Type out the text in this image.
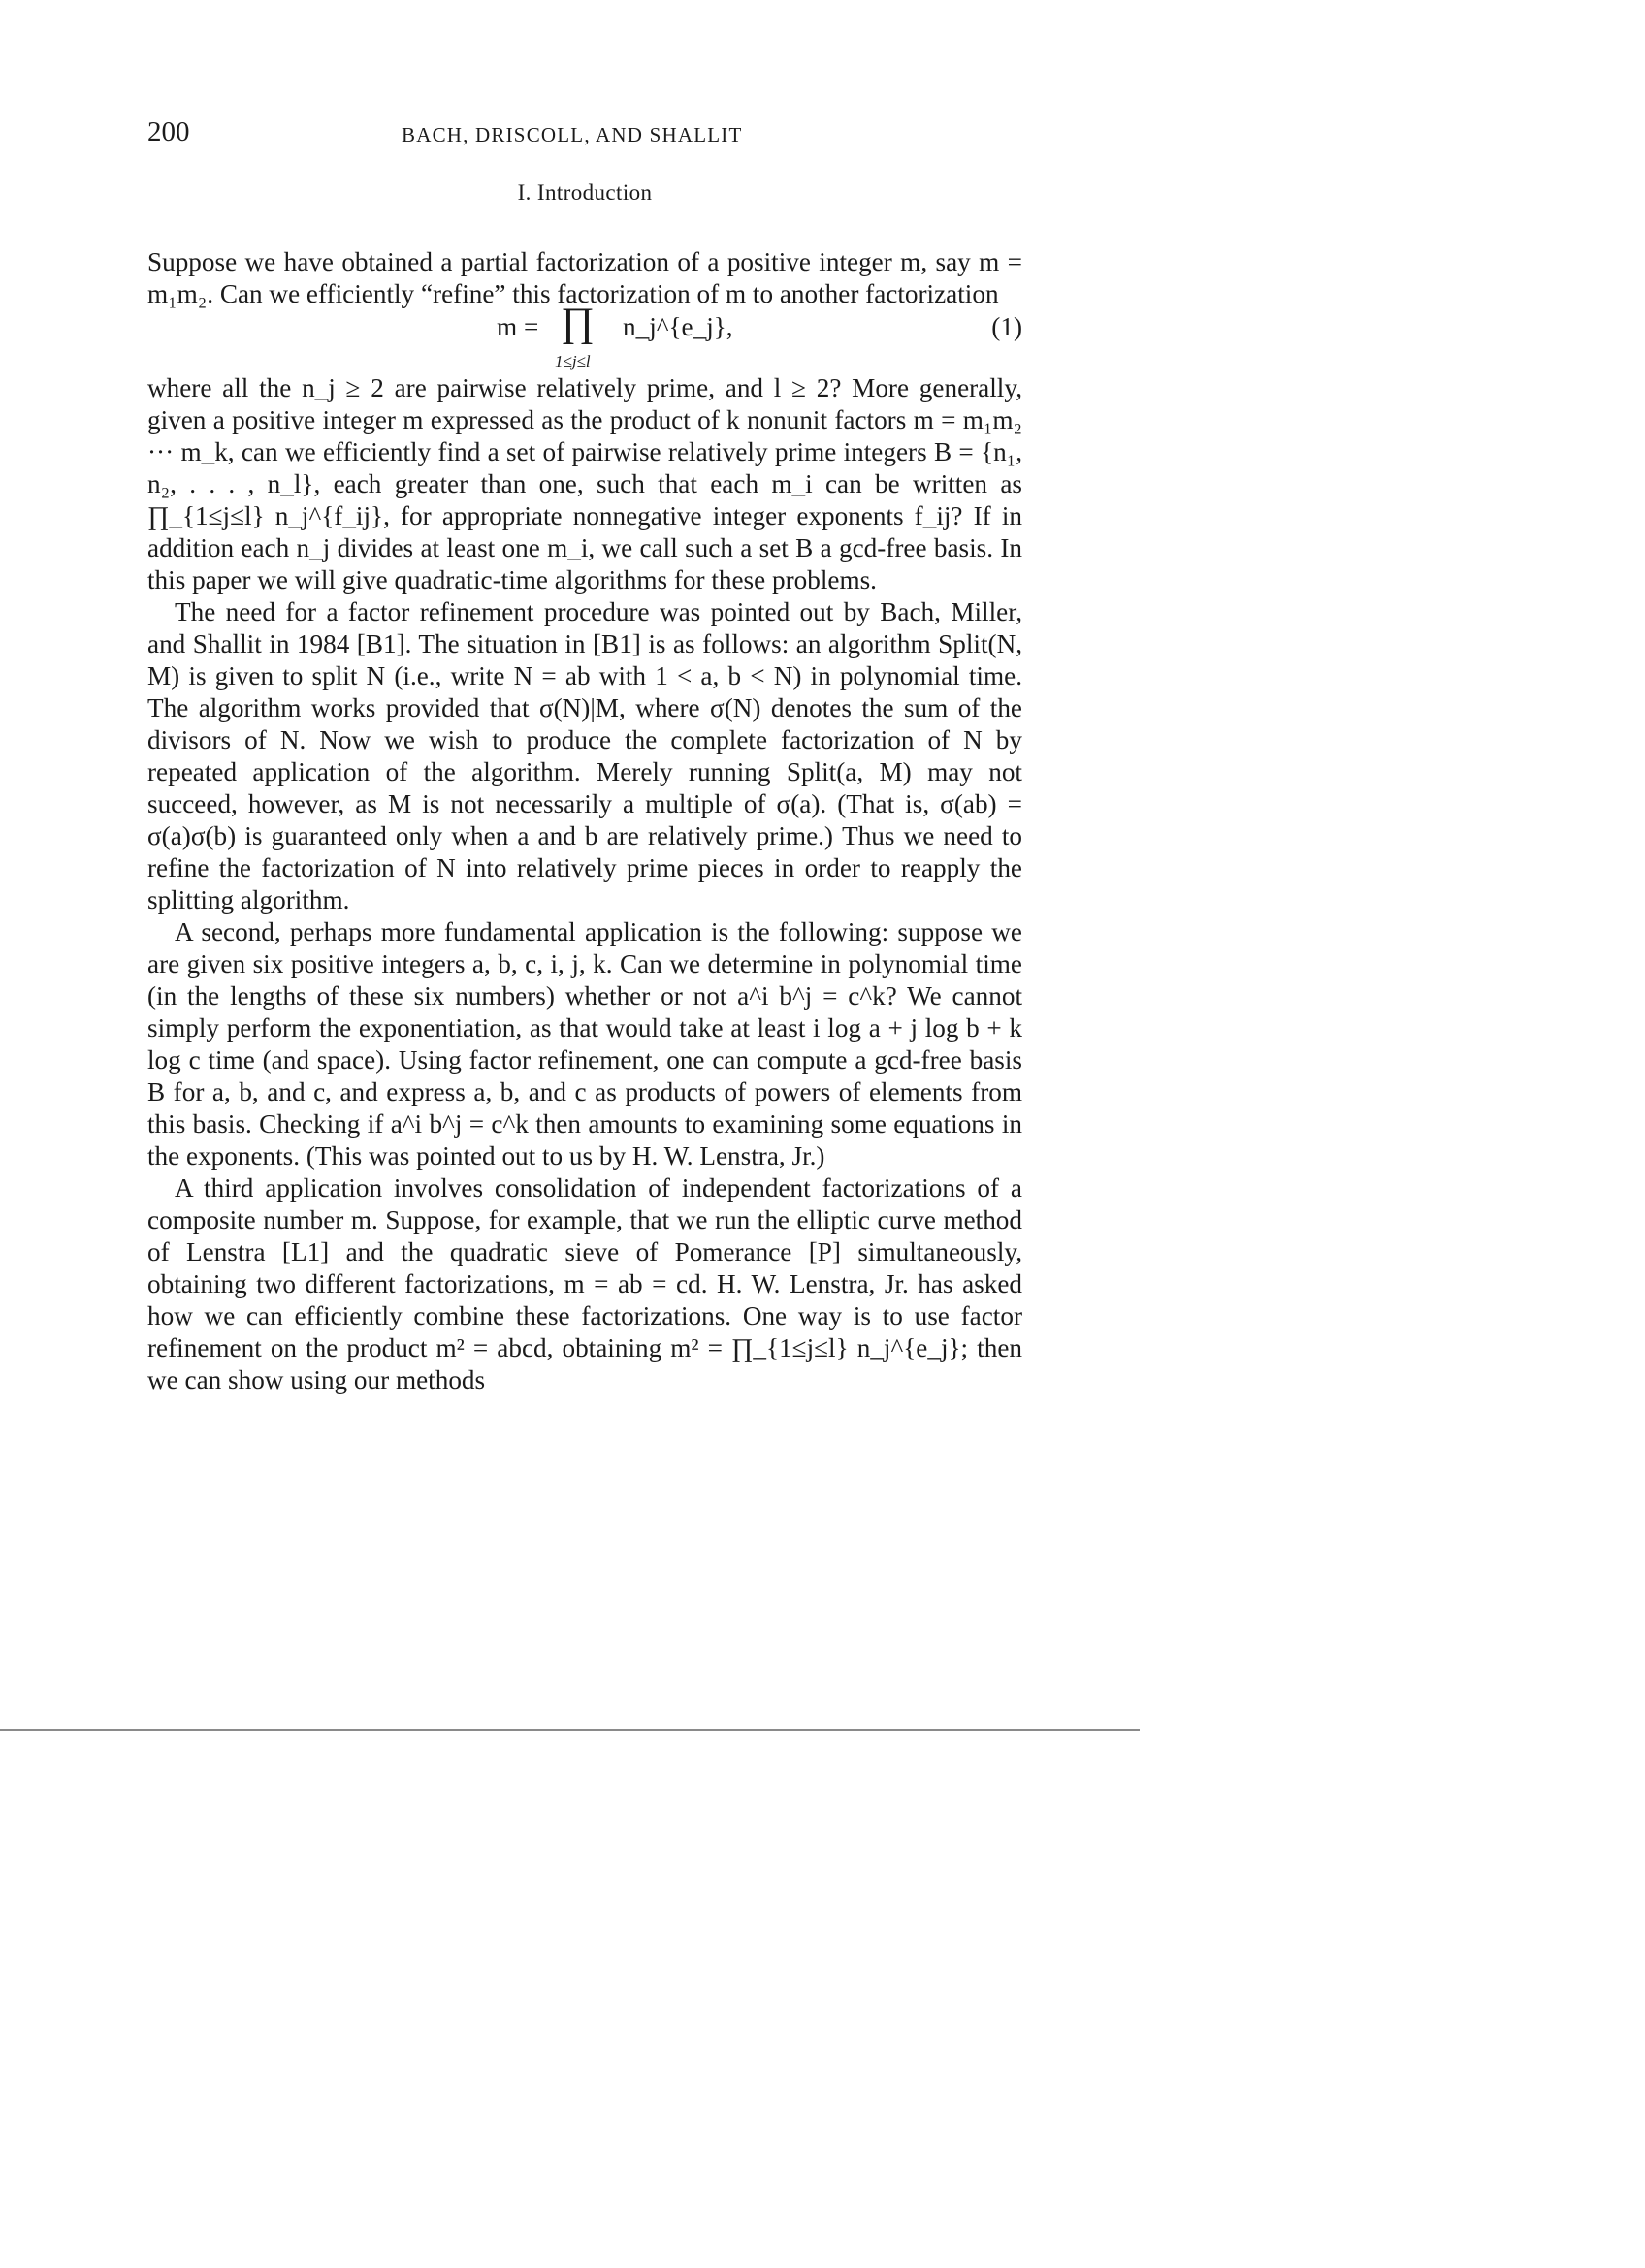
200	BACH, DRISCOLL, AND SHALLIT
I. Introduction

Suppose we have obtained a partial factorization of a positive integer m, say m = m₁m₂. Can we efficiently “refine” this factorization of m to another factorization

m = ∏
1≤j≤l
n_j^{e_j},	(1)

where all the n_j ≥ 2 are pairwise relatively prime, and l ≥ 2? More generally, given a positive integer m expressed as the product of k nonunit factors m = m₁m₂ ··· m_k, can we efficiently find a set of pairwise relatively prime integers B = {n₁, n₂, . . . , n_l}, each greater than one, such that each m_i can be written as ∏_{1≤j≤l} n_j^{f_ij}, for appropriate nonnegative integer exponents f_ij? If in addition each n_j divides at least one m_i, we call such a set B a gcd-free basis. In this paper we will give quadratic-time algorithms for these problems.

The need for a factor refinement procedure was pointed out by Bach, Miller, and Shallit in 1984 [B1]. The situation in [B1] is as follows: an algorithm Split(N, M) is given to split N (i.e., write N = ab with 1 < a, b < N) in polynomial time. The algorithm works provided that σ(N)|M, where σ(N) denotes the sum of the divisors of N. Now we wish to produce the complete factorization of N by repeated application of the algorithm. Merely running Split(a, M) may not succeed, however, as M is not necessarily a multiple of σ(a). (That is, σ(ab) = σ(a)σ(b) is guaranteed only when a and b are relatively prime.) Thus we need to refine the factorization of N into relatively prime pieces in order to reapply the splitting algorithm.

A second, perhaps more fundamental application is the following: suppose we are given six positive integers a, b, c, i, j, k. Can we determine in polynomial time (in the lengths of these six numbers) whether or not a^i b^j = c^k? We cannot simply perform the exponentiation, as that would take at least i log a + j log b + k log c time (and space). Using factor refinement, one can compute a gcd-free basis B for a, b, and c, and express a, b, and c as products of powers of elements from this basis. Checking if a^i b^j = c^k then amounts to examining some equations in the exponents. (This was pointed out to us by H. W. Lenstra, Jr.)

A third application involves consolidation of independent factorizations of a composite number m. Suppose, for example, that we run the elliptic curve method of Lenstra [L1] and the quadratic sieve of Pomerance [P] simultaneously, obtaining two different factorizations, m = ab = cd. H. W. Lenstra, Jr. has asked how we can efficiently combine these factorizations. One way is to use factor refinement on the product m² = abcd, obtaining m² = ∏_{1≤j≤l} n_j^{e_j}; then we can show using our methods
